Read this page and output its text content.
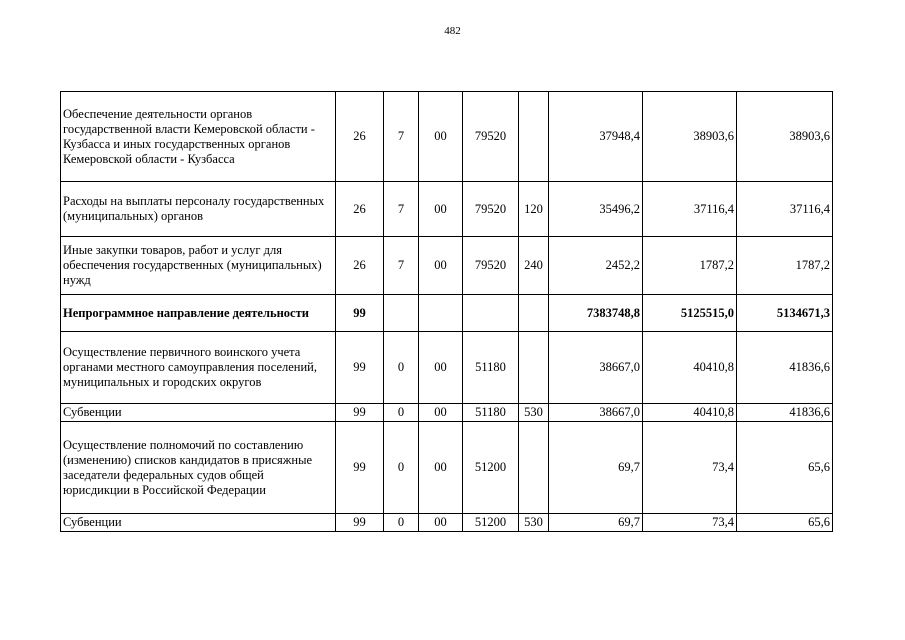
482
Обеспечение деятельности органов государственной власти Кемеровской области - Кузбасса и иных государственных органов Кемеровской области - Кузбасса	26	7	00	79520		37948,4	38903,6	38903,6
Расходы на выплаты персоналу государственных (муниципальных) органов	26	7	00	79520	120	35496,2	37116,4	37116,4
Иные закупки товаров, работ и услуг для обеспечения государственных (муниципальных) нужд	26	7	00	79520	240	2452,2	1787,2	1787,2
Непрограммное направление деятельности	99					7383748,8	5125515,0	5134671,3
Осуществление первичного воинского учета органами местного самоуправления поселений, муниципальных и городских округов	99	0	00	51180		38667,0	40410,8	41836,6
Субвенции	99	0	00	51180	530	38667,0	40410,8	41836,6
Осуществление полномочий по составлению (изменению) списков кандидатов в присяжные заседатели федеральных судов общей юрисдикции в Российской Федерации	99	0	00	51200		69,7	73,4	65,6
Субвенции	99	0	00	51200	530	69,7	73,4	65,6
